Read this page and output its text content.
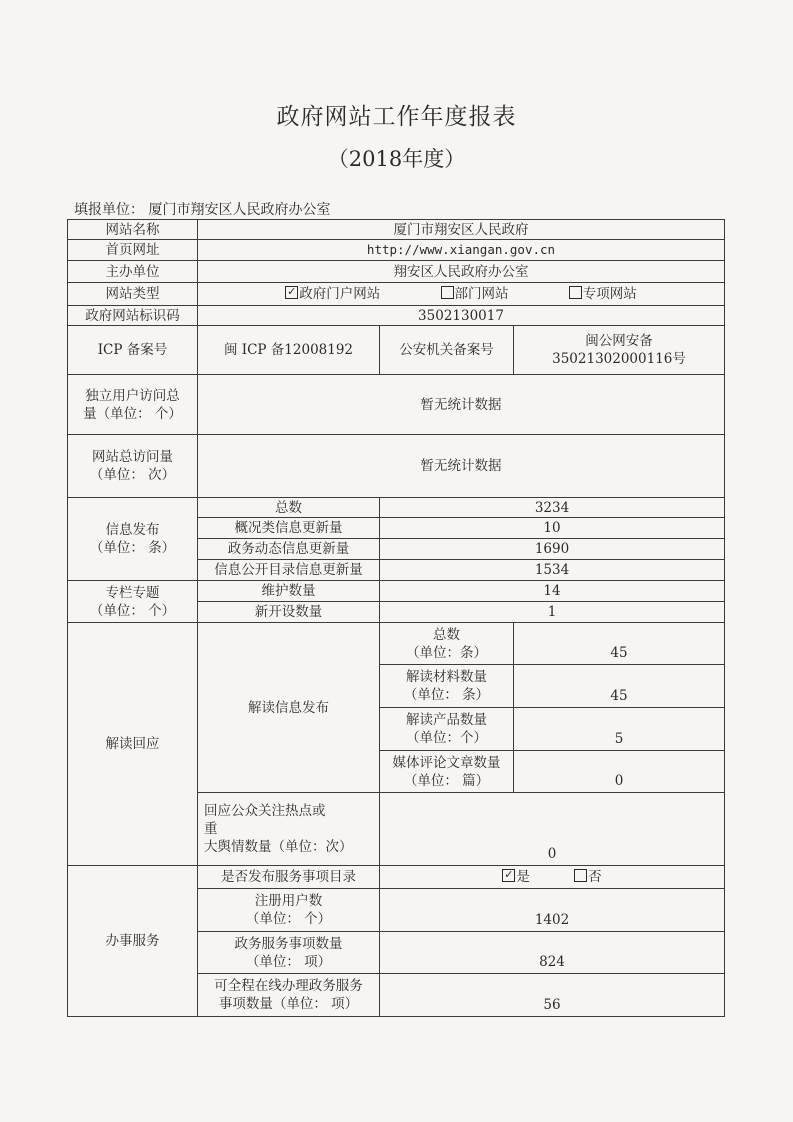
政府网站工作年度报表
（2018年度）
填报单位： 厦门市翔安区人民政府办公室
网站名称	厦门市翔安区人民政府		
首页网址	http://www.xiangan.gov.cn		
主办单位	翔安区人民政府办公室		
网站类型	✓ 政府门户网站 部门网站 专项网站		
政府网站标识码	3502130017		
ICP 备案号	闽 ICP 备12008192	公安机关备案号	闽公网安备
35021302000116号

独立用户访问总
量（单位： 个）	暂无统计数据		

网站总访问量
（单位： 次）	暂无统计数据		

信息发布
（单位： 条）	总数	3234	
	概况类信息更新量	10	
	政务动态信息更新量	1690	
	信息公开目录信息更新量	1534	

专栏专题
（单位： 个）	维护数量	14	
	新开设数量	1	
解读回应	解读信息发布	总数
（单位：条）	45

		解读材料数量
（单位： 条）	45

		解读产品数量
（单位：个）	5

		媒体评论文章数量
（单位： 篇）	0

	回应公众关注热点或重
大舆情数量（单位：次）	0	
办事服务	是否发布服务事项目录	✓ 是 否	

	注册用户数
（单位： 个）	1402	

	政务服务事项数量
（单位： 项）	824	

	可全程在线办理政务服务
事项数量（单位： 项）	56	
